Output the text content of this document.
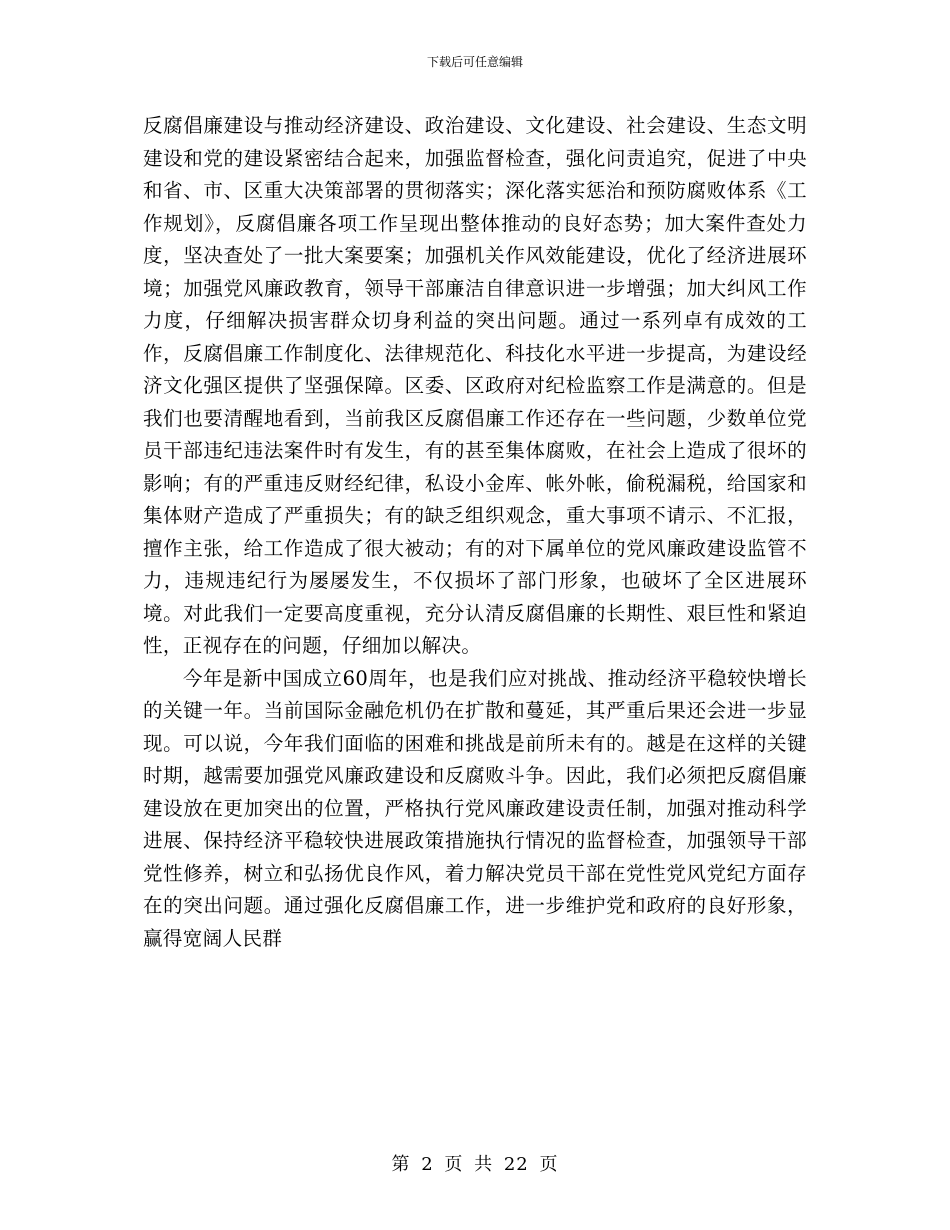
下载后可任意编辑

反腐倡廉建设与推动经济建设、政治建设、文化建设、社会建设、生态文明建设和党的建设紧密结合起来，加强监督检查，强化问责追究，促进了中央和省、市、区重大决策部署的贯彻落实；深化落实惩治和预防腐败体系《工作规划》，反腐倡廉各项工作呈现出整体推动的良好态势；加大案件查处力度，坚决查处了一批大案要案；加强机关作风效能建设，优化了经济进展环境；加强党风廉政教育，领导干部廉洁自律意识进一步增强；加大纠风工作力度，仔细解决损害群众切身利益的突出问题。通过一系列卓有成效的工作，反腐倡廉工作制度化、法律规范化、科技化水平进一步提高，为建设经济文化强区提供了坚强保障。区委、区政府对纪检监察工作是满意的。但是我们也要清醒地看到，当前我区反腐倡廉工作还存在一些问题，少数单位党员干部违纪违法案件时有发生，有的甚至集体腐败，在社会上造成了很坏的影响；有的严重违反财经纪律，私设小金库、帐外帐，偷税漏税，给国家和集体财产造成了严重损失；有的缺乏组织观念，重大事项不请示、不汇报，擅作主张，给工作造成了很大被动；有的对下属单位的党风廉政建设监管不力，违规违纪行为屡屡发生，不仅损坏了部门形象，也破坏了全区进展环境。对此我们一定要高度重视，充分认清反腐倡廉的长期性、艰巨性和紧迫性，正视存在的问题，仔细加以解决。

今年是新中国成立60周年，也是我们应对挑战、推动经济平稳较快增长的关键一年。当前国际金融危机仍在扩散和蔓延，其严重后果还会进一步显现。可以说，今年我们面临的困难和挑战是前所未有的。越是在这样的关键时期，越需要加强党风廉政建设和反腐败斗争。因此，我们必须把反腐倡廉建设放在更加突出的位置，严格执行党风廉政建设责任制，加强对推动科学进展、保持经济平稳较快进展政策措施执行情况的监督检查，加强领导干部党性修养，树立和弘扬优良作风，着力解决党员干部在党性党风党纪方面存在的突出问题。通过强化反腐倡廉工作，进一步维护党和政府的良好形象，赢得宽阔人民群

第 2 页 共 22 页
